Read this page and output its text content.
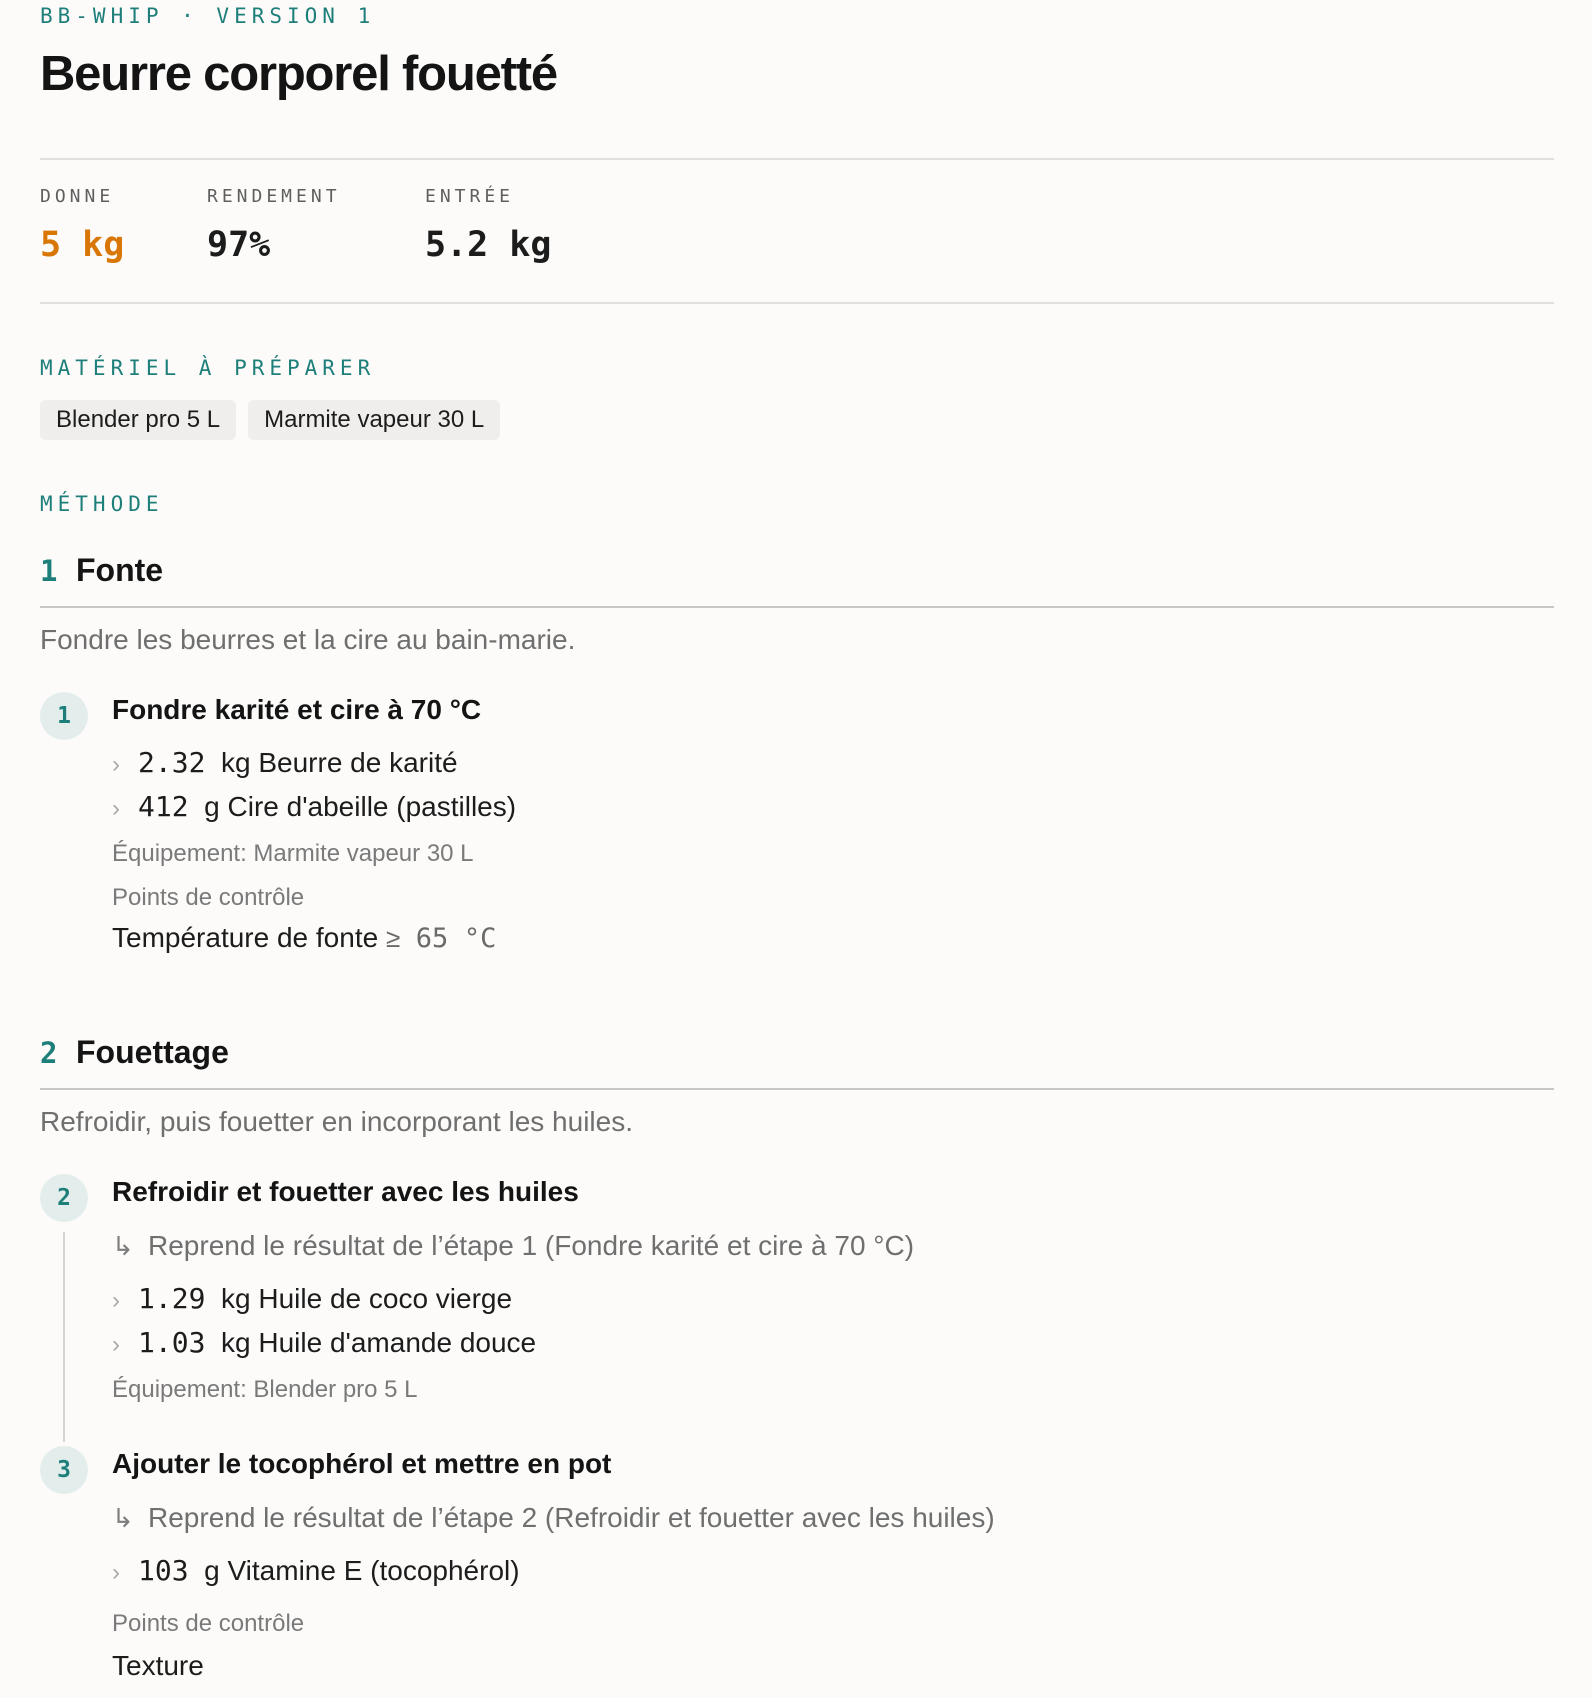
BB-WHIP · VERSION 1
Beurre corporel fouetté
DONNE
5 kg
RENDEMENT
97%
ENTRÉE
5.2 kg
MATÉRIEL À PRÉPARER
Blender pro 5 L	Marmite vapeur 30 L
MÉTHODE
1 Fonte
Fondre les beurres et la cire au bain-marie.
1	Fondre karité et cire à 70 °C
› 2.32 kg Beurre de karité
› 412 g Cire d'abeille (pastilles)
Équipement: Marmite vapeur 30 L
Points de contrôle
Température de fonte ≥ 65 °C
2 Fouettage
Refroidir, puis fouetter en incorporant les huiles.
2	Refroidir et fouetter avec les huiles
↳ Reprend le résultat de l’étape 1 (Fondre karité et cire à 70 °C)
› 1.29 kg Huile de coco vierge
› 1.03 kg Huile d'amande douce
Équipement: Blender pro 5 L
3	Ajouter le tocophérol et mettre en pot
↳ Reprend le résultat de l’étape 2 (Refroidir et fouetter avec les huiles)
› 103 g Vitamine E (tocophérol)
Points de contrôle
Texture
